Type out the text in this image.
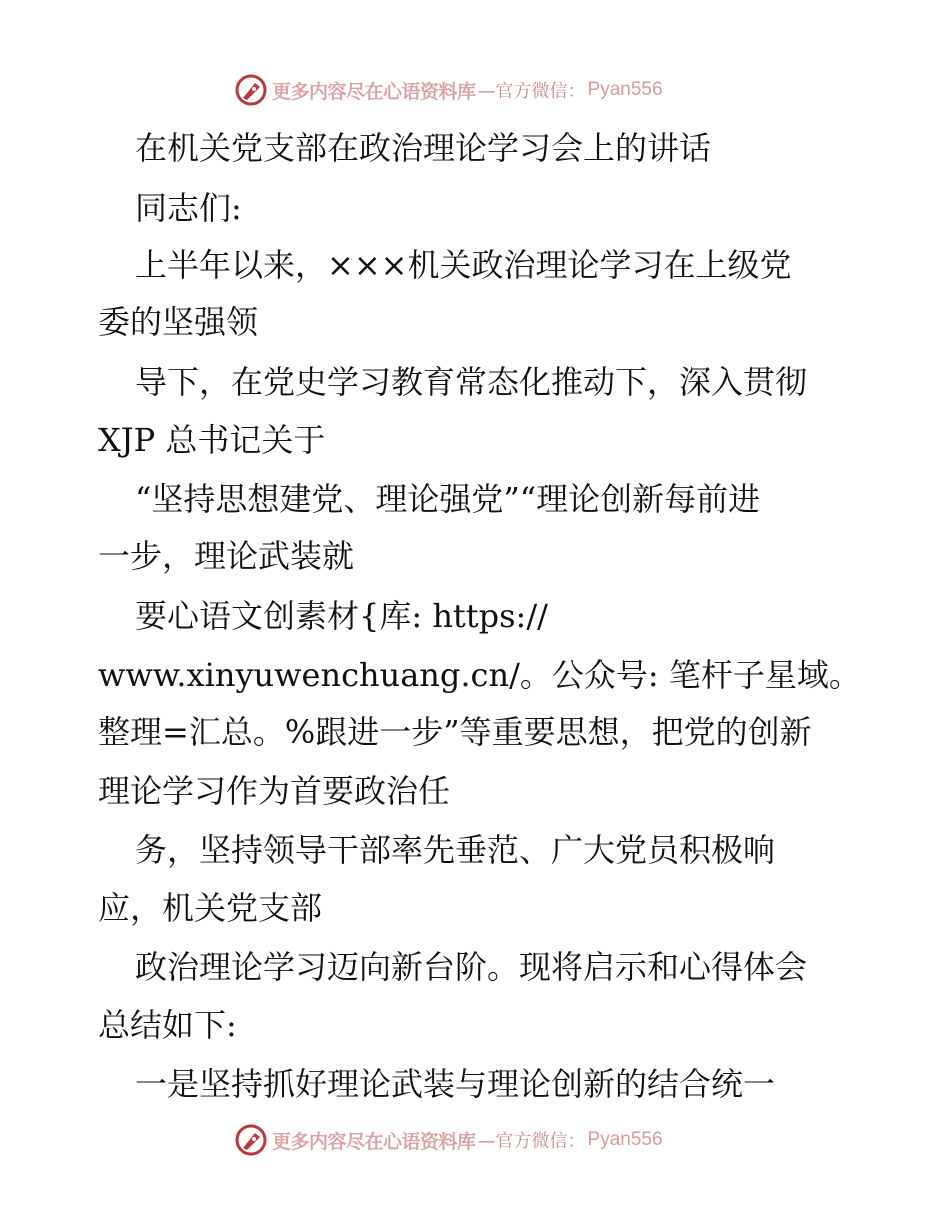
更多内容尽在心语资料库 —官方微信： Pyan556
在机关党支部在政治理论学习会上的讲话
同志们:
上半年以来，×××机关政治理论学习在上级党
委的坚强领
导下，在党史学习教育常态化推动下，深入贯彻
XJP 总书记关于
“坚持思想建党、理论强党”“理论创新每前进
一步，理论武装就
要心语文创素材{库: https://
www.xinyuwenchuang.cn/。公众号: 笔杆子星域。
整理=汇总。%跟进一步”等重要思想，把党的创新
理论学习作为首要政治任
务，坚持领导干部率先垂范、广大党员积极响
应，机关党支部
政治理论学习迈向新台阶。现将启示和心得体会
总结如下:
一是坚持抓好理论武装与理论创新的结合统一
更多内容尽在心语资料库 —官方微信： Pyan556
